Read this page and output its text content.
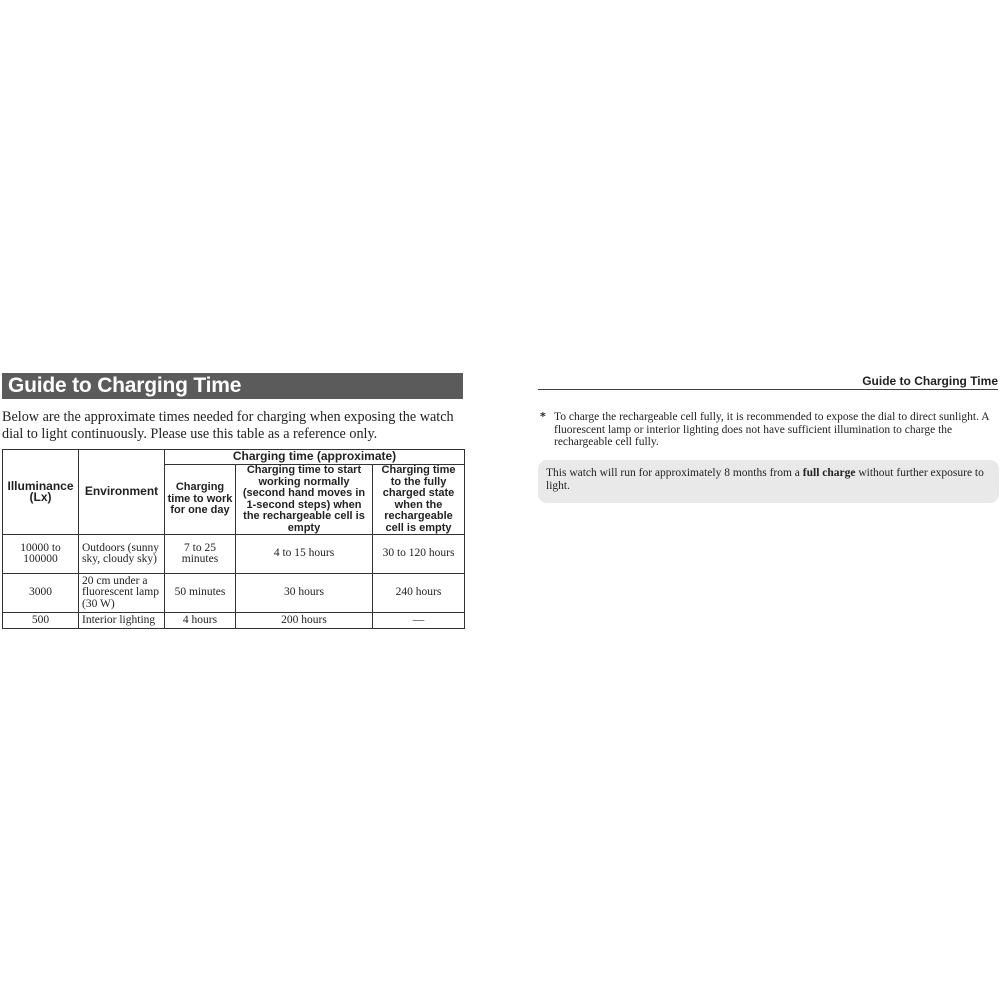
Guide to Charging Time
Below are the approximate times needed for charging when exposing the watch dial to light continuously. Please use this table as a reference only.
Illuminance (Lx)	Environment	Charging time (approximate)		
		Charging time to work for one day	Charging time to start working normally (second hand moves in 1-second steps) when the rechargeable cell is empty	Charging time to the fully charged state when the rechargeable cell is empty
10000 to 100000	Outdoors (sunny sky, cloudy sky)	7 to 25 minutes	4 to 15 hours	30 to 120 hours
3000	20 cm under a fluorescent lamp (30 W)	50 minutes	30 hours	240 hours
500	Interior lighting	4 hours	200 hours	—
Guide to Charging Time
* To charge the rechargeable cell fully, it is recommended to expose the dial to direct sunlight. A fluorescent lamp or interior lighting does not have sufficient illumination to charge the rechargeable cell fully.
This watch will run for approximately 8 months from a full charge without further exposure to light.
